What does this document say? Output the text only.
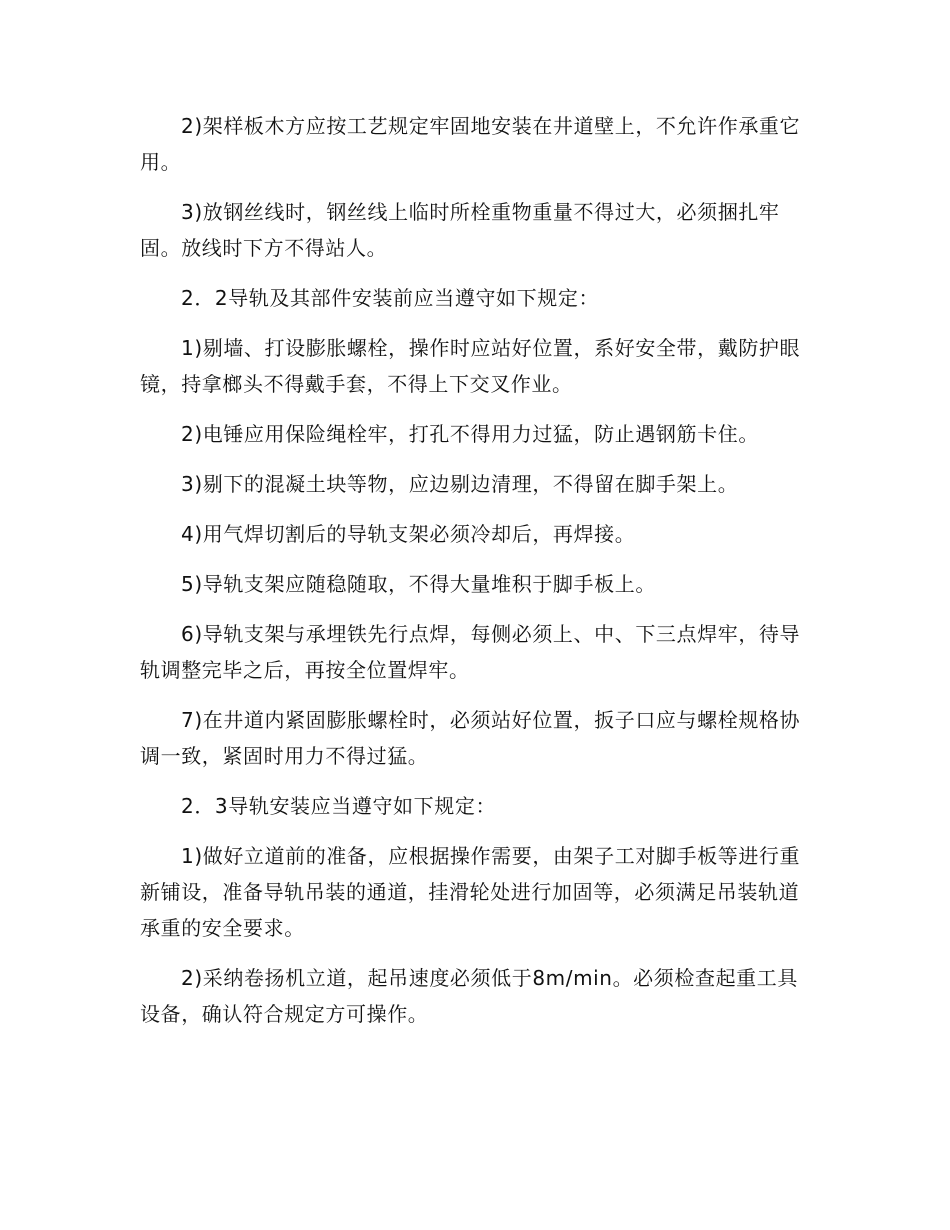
2)架样板木方应按工艺规定牢固地安装在井道壁上，不允许作承重它用。

3)放钢丝线时，钢丝线上临时所栓重物重量不得过大，必须捆扎牢固。放线时下方不得站人。

2．2导轨及其部件安装前应当遵守如下规定：

1)剔墙、打设膨胀螺栓，操作时应站好位置，系好安全带，戴防护眼镜，持拿榔头不得戴手套，不得上下交叉作业。

2)电锤应用保险绳栓牢，打孔不得用力过猛，防止遇钢筋卡住。

3)剔下的混凝土块等物，应边剔边清理，不得留在脚手架上。

4)用气焊切割后的导轨支架必须冷却后，再焊接。

5)导轨支架应随稳随取，不得大量堆积于脚手板上。

6)导轨支架与承埋铁先行点焊，每侧必须上、中、下三点焊牢，待导轨调整完毕之后，再按全位置焊牢。

7)在井道内紧固膨胀螺栓时，必须站好位置，扳子口应与螺栓规格协调一致，紧固时用力不得过猛。

2．3导轨安装应当遵守如下规定：

1)做好立道前的准备，应根据操作需要，由架子工对脚手板等进行重新铺设，准备导轨吊装的通道，挂滑轮处进行加固等，必须满足吊装轨道承重的安全要求。

2)采纳卷扬机立道，起吊速度必须低于8m/min。必须检查起重工具设备，确认符合规定方可操作。
